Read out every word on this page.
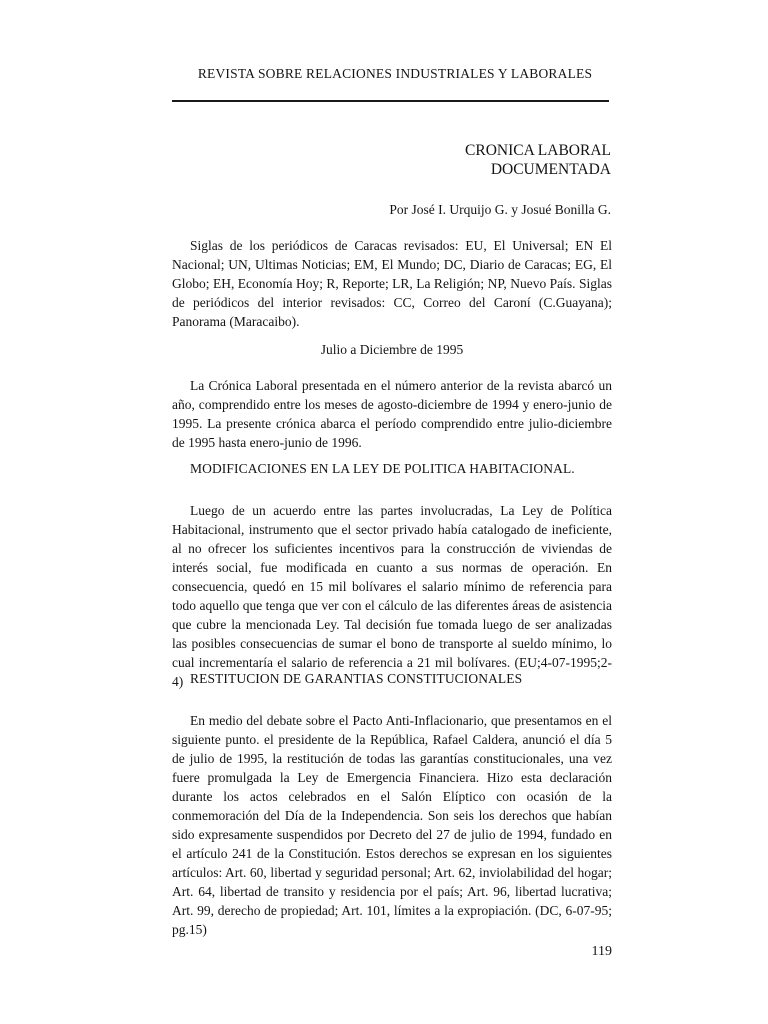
REVISTA SOBRE RELACIONES INDUSTRIALES Y LABORALES
CRONICA LABORAL
DOCUMENTADA
Por José I. Urquijo G. y Josué Bonilla G.

Siglas de los periódicos de Caracas revisados: EU, El Universal; EN El Nacional; UN, Ultimas Noticias; EM, El Mundo; DC, Diario de Caracas; EG, El Globo; EH, Economía Hoy; R, Reporte; LR, La Religión; NP, Nuevo País. Siglas de periódicos del interior revisados: CC, Correo del Caroní (C.Guayana); Panorama (Maracaibo).

Julio a Diciembre de 1995

La Crónica Laboral presentada en el número anterior de la revista abarcó un año, comprendido entre los meses de agosto-diciembre de 1994 y enero-junio de 1995. La presente crónica abarca el período comprendido entre julio-diciembre de 1995 hasta enero-junio de 1996.

MODIFICACIONES EN LA LEY DE POLITICA HABITACIONAL.

Luego de un acuerdo entre las partes involucradas, La Ley de Política Habitacional, instrumento que el sector privado había catalogado de ineficiente, al no ofrecer los suficientes incentivos para la construcción de viviendas de interés social, fue modificada en cuanto a sus normas de operación. En consecuencia, quedó en 15 mil bolívares el salario mínimo de referencia para todo aquello que tenga que ver con el cálculo de las diferentes áreas de asistencia que cubre la mencionada Ley. Tal decisión fue tomada luego de ser analizadas las posibles consecuencias de sumar el bono de transporte al sueldo mínimo, lo cual incrementaría el salario de referencia a 21 mil bolívares. (EU;4-07-1995;2-4) RESTITUCION DE GARANTIAS CONSTITUCIONALES

En medio del debate sobre el Pacto Anti-Inflacionario, que presentamos en el siguiente punto. el presidente de la República, Rafael Caldera, anunció el día 5 de julio de 1995, la restitución de todas las garantías constitucionales, una vez fuere promulgada la Ley de Emergencia Financiera. Hizo esta declaración durante los actos celebrados en el Salón Elíptico con ocasión de la conmemoración del Día de la Independencia. Son seis los derechos que habían sido expresamente suspendidos por Decreto del 27 de julio de 1994, fundado en el artículo 241 de la Constitución. Estos derechos se expresan en los siguientes artículos: Art. 60, libertad y seguridad personal; Art. 62, inviolabilidad del hogar; Art. 64, libertad de transito y residencia por el país; Art. 96, libertad lucrativa; Art. 99, derecho de propiedad; Art. 101, límites a la expropiación. (DC, 6-07-95; pg.15)

119
